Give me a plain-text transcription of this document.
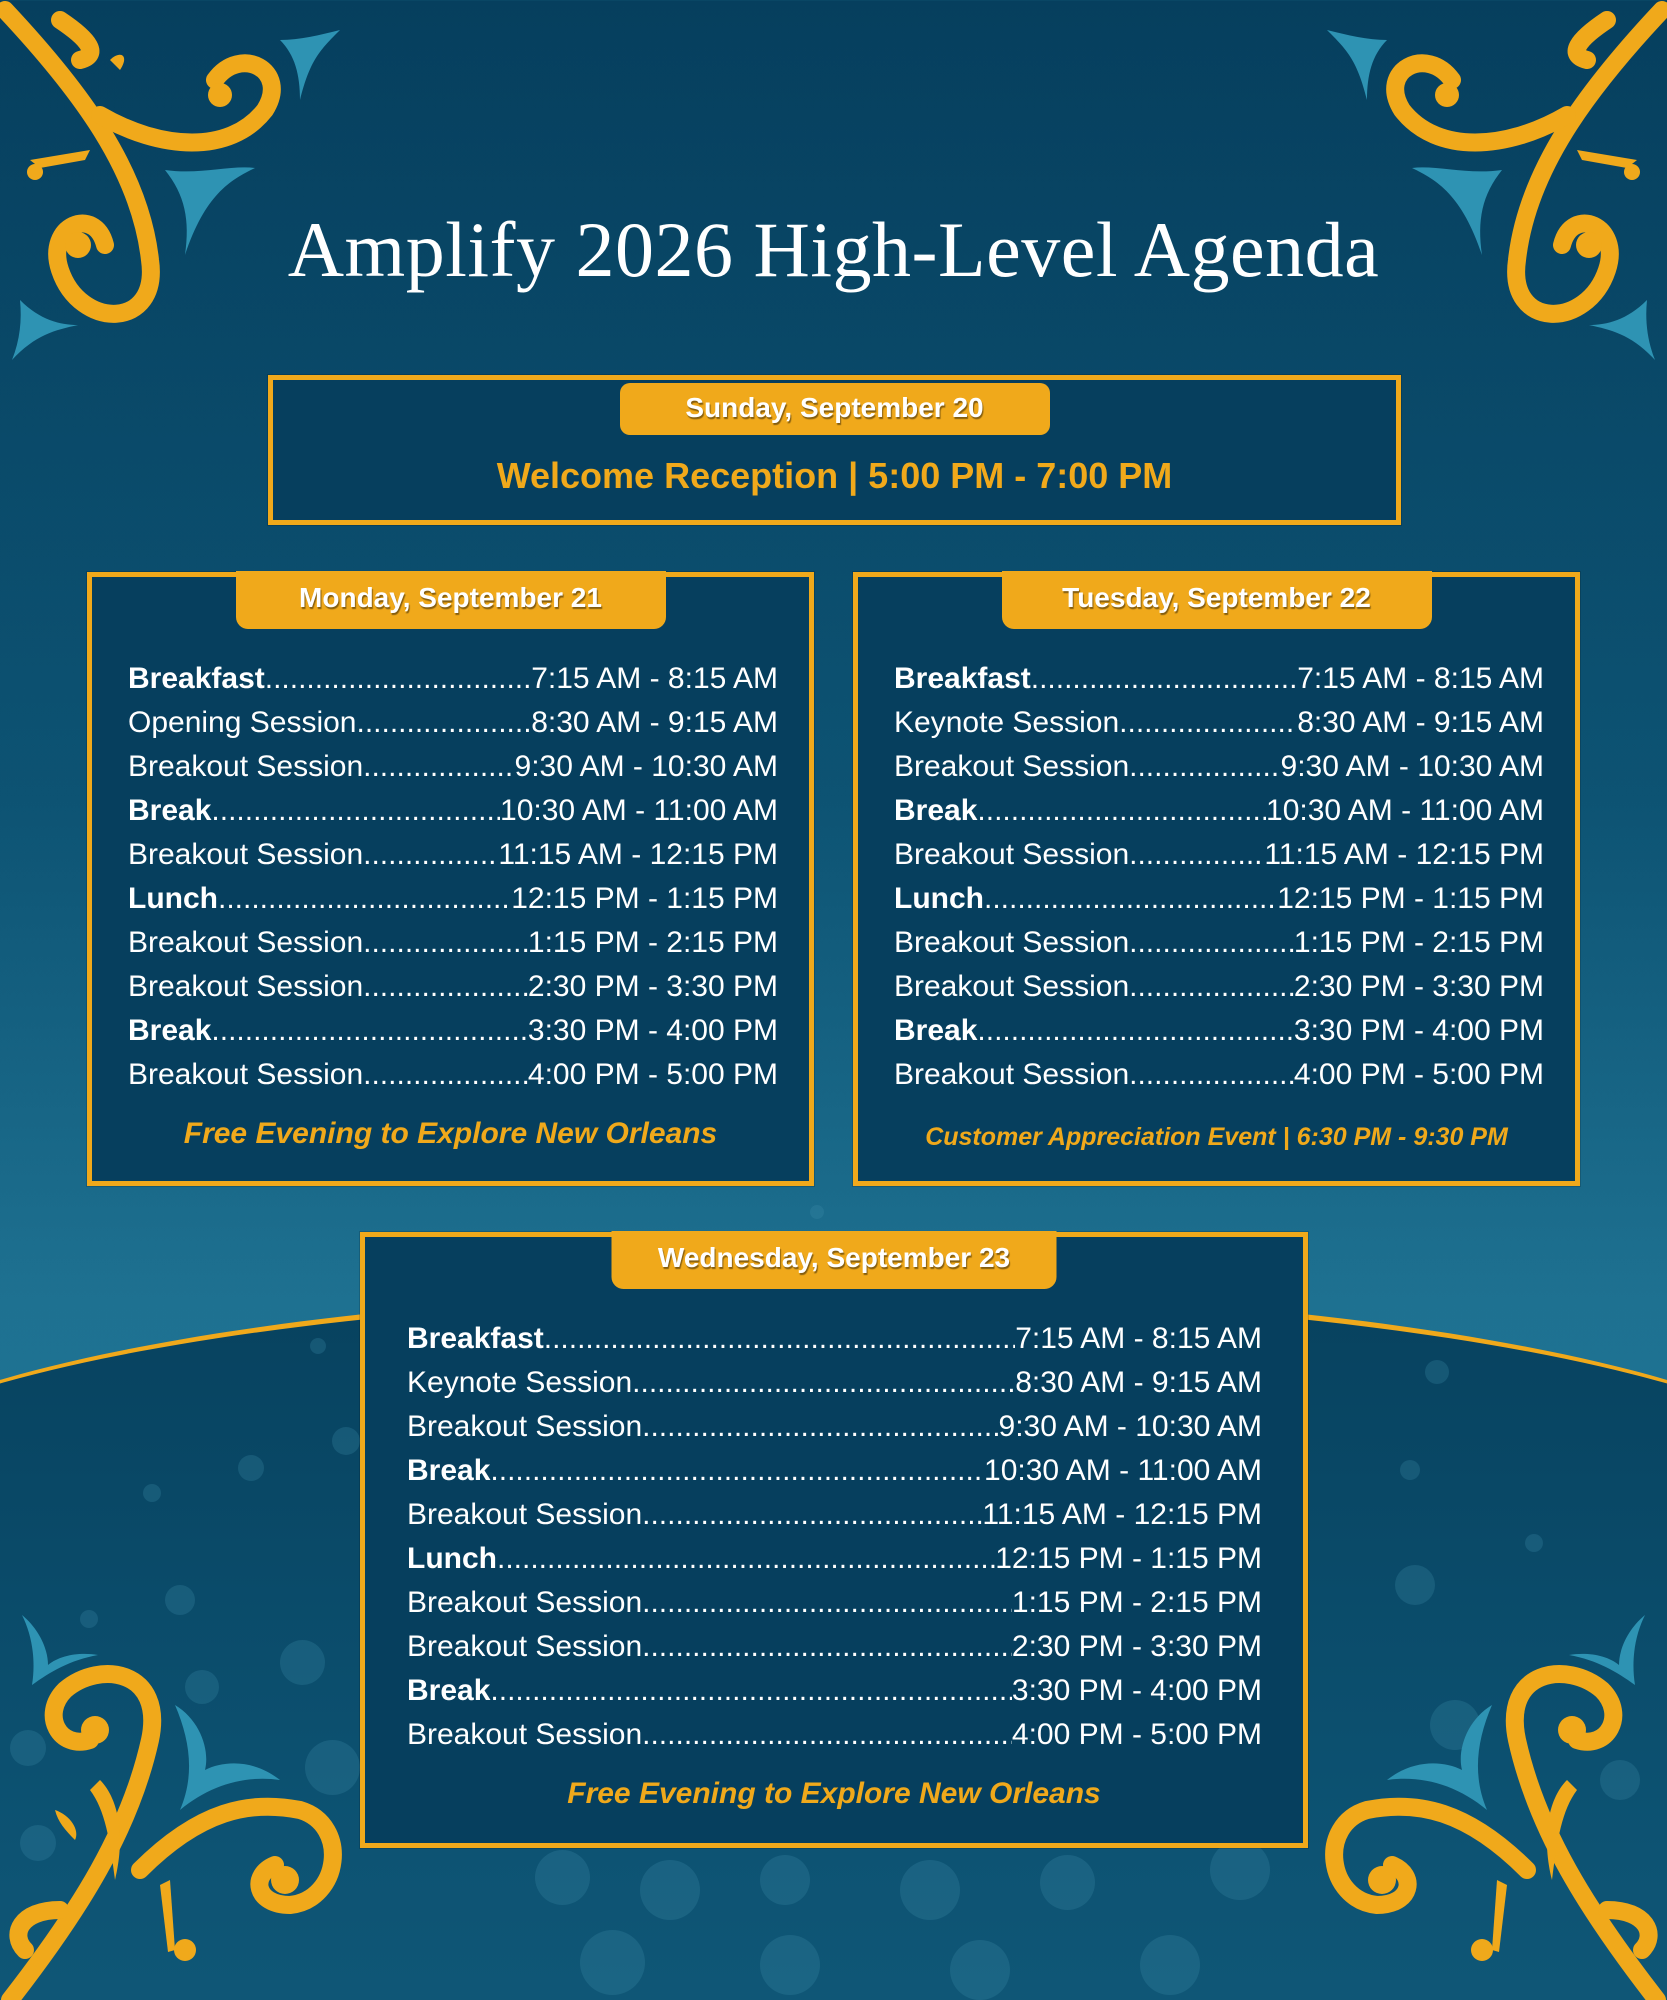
Amplify 2026 High-Level Agenda
Sunday, September 20
Welcome Reception | 5:00 PM - 7:00 PM
Monday, September 21
Breakfast .....	7:15 AM - 8:15 AM
Opening Session .....	8:30 AM - 9:15 AM
Breakout Session .....	9:30 AM - 10:30 AM
Break .....	10:30 AM - 11:00 AM
Breakout Session .....	11:15 AM - 12:15 PM
Lunch .....	12:15 PM - 1:15 PM
Breakout Session .....	1:15 PM - 2:15 PM
Breakout Session .....	2:30 PM - 3:30 PM
Break .....	3:30 PM - 4:00 PM
Breakout Session .....	4:00 PM - 5:00 PM
Free Evening to Explore New Orleans
Tuesday, September 22
Breakfast .....	7:15 AM - 8:15 AM
Keynote Session .....	8:30 AM - 9:15 AM
Breakout Session .....	9:30 AM - 10:30 AM
Break .....	10:30 AM - 11:00 AM
Breakout Session .....	11:15 AM - 12:15 PM
Lunch .....	12:15 PM - 1:15 PM
Breakout Session .....	1:15 PM - 2:15 PM
Breakout Session .....	2:30 PM - 3:30 PM
Break .....	3:30 PM - 4:00 PM
Breakout Session .....	4:00 PM - 5:00 PM
Customer Appreciation Event | 6:30 PM - 9:30 PM
Wednesday, September 23
Breakfast .....	7:15 AM - 8:15 AM
Keynote Session .....	8:30 AM - 9:15 AM
Breakout Session .....	9:30 AM - 10:30 AM
Break .....	10:30 AM - 11:00 AM
Breakout Session .....	11:15 AM - 12:15 PM
Lunch .....	12:15 PM - 1:15 PM
Breakout Session .....	1:15 PM - 2:15 PM
Breakout Session .....	2:30 PM - 3:30 PM
Break .....	3:30 PM - 4:00 PM
Breakout Session .....	4:00 PM - 5:00 PM
Free Evening to Explore New Orleans
